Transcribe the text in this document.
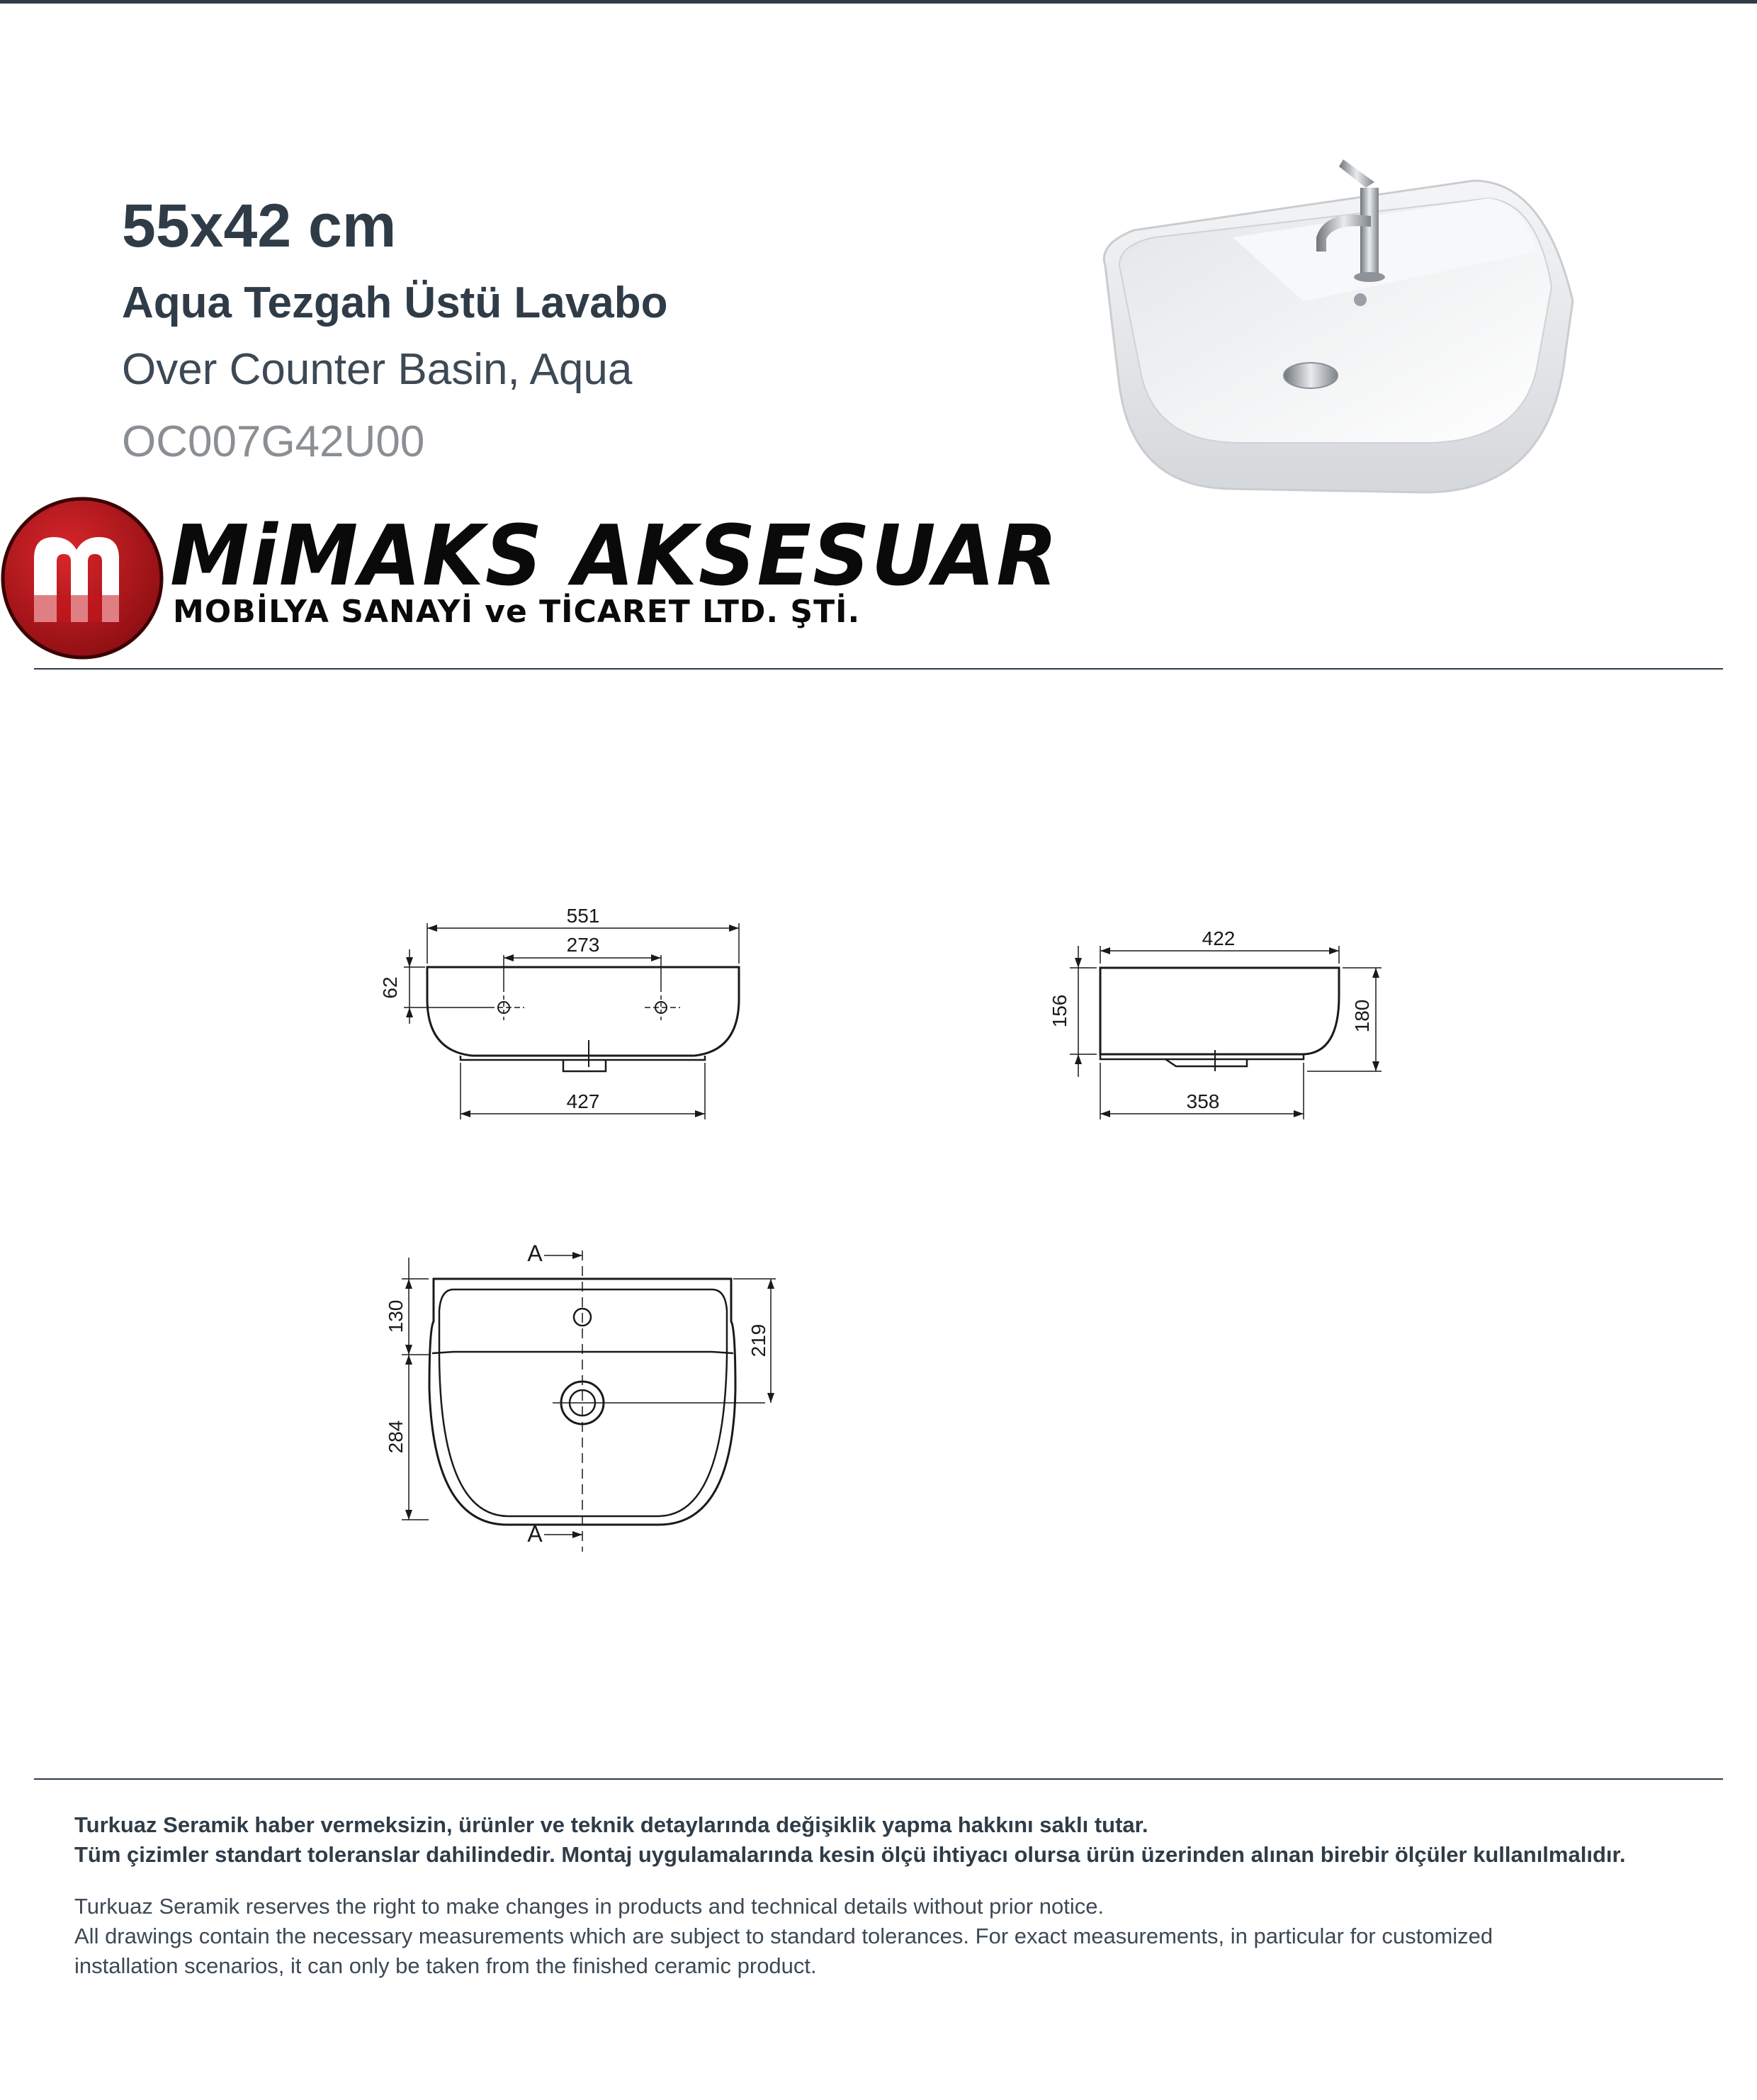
55x42 cm
Aqua Tezgah Üstü Lavabo
Over Counter Basin, Aqua
OC007G42U00
MiMAKS AKSESUAR
MOBİLYA SANAYİ ve TİCARET LTD. ŞTİ.
551
273
62
427
422
156	180
358
A
A
130
284
219
Turkuaz Seramik haber vermeksizin, ürünler ve teknik detaylarında değişiklik yapma hakkını saklı tutar.
Tüm çizimler standart toleranslar dahilindedir. Montaj uygulamalarında kesin ölçü ihtiyacı olursa ürün üzerinden alınan birebir ölçüler kullanılmalıdır.
Turkuaz Seramik reserves the right to make changes in products and technical details without prior notice.
All drawings contain the necessary measurements which are subject to standard tolerances. For exact measurements, in particular for customized
installation scenarios, it can only be taken from the finished ceramic product.
